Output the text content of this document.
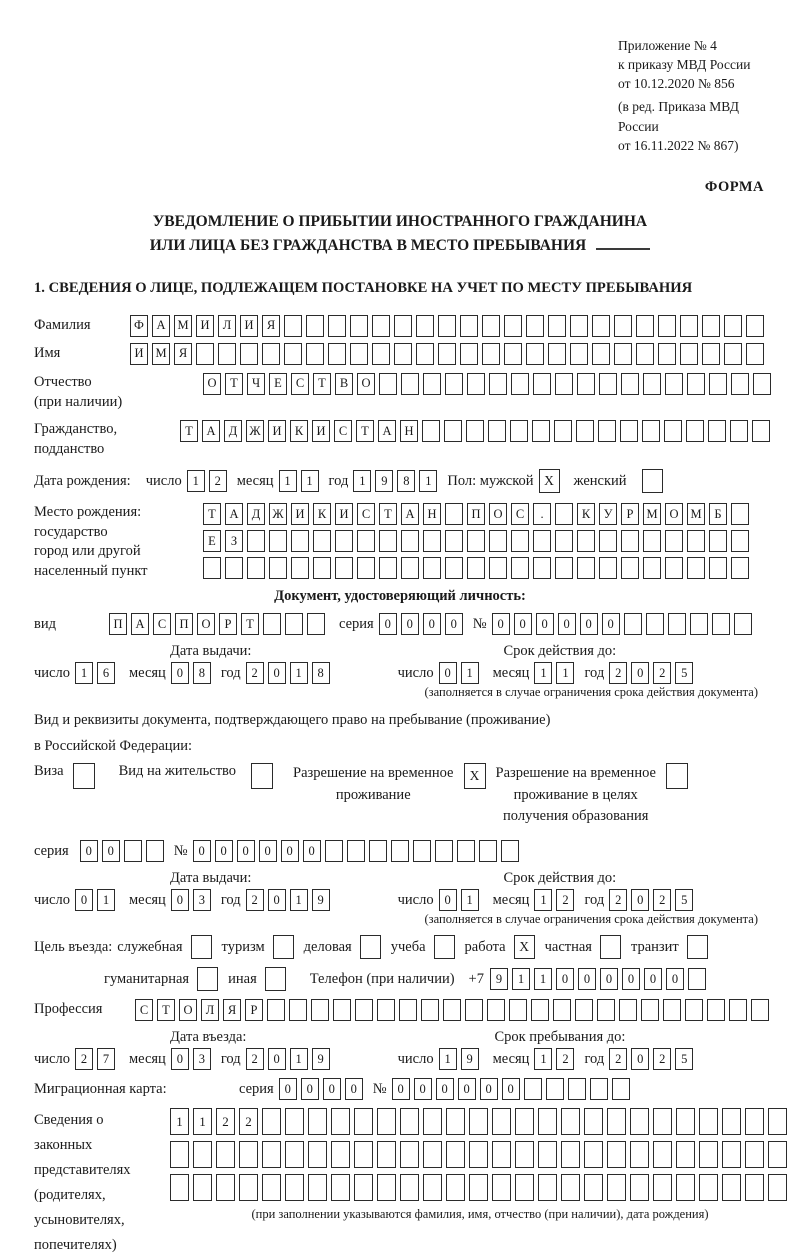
Приложение № 4
к приказу МВД России
от 10.12.2020 № 856
(в ред. Приказа МВД России
от 16.11.2022 № 867)
ФОРМА
УВЕДОМЛЕНИЕ О ПРИБЫТИИ ИНОСТРАННОГО ГРАЖДАНИНА
ИЛИ ЛИЦА БЕЗ ГРАЖДАНСТВА В МЕСТО ПРЕБЫВАНИЯ
1. СВЕДЕНИЯ О ЛИЦЕ, ПОДЛЕЖАЩЕМ ПОСТАНОВКЕ НА УЧЕТ ПО МЕСТУ ПРЕБЫВАНИЯ
Фамилия	Ф	А М И	Л	И	Я
Имя	И М Я
Отчество
(при наличии)
О	Т	Ч	Е	С	Т	В	О
Гражданство,
подданство
Т	А	Д Ж И	К	И	С	Т	А	Н
Дата рождения: число 1	2	месяц 1	1	год 1	9	8	1	Пол: мужской X	женский
Место рождения:
государство
город или другой
населенный пункт
Т	А	Д Ж И	К	И	С	Т	А	Н	П	О	С	.	К	У	Р	М О М	Б
Е	З
Документ, удостоверяющий личность:
вид	П	А	С	П	О	Р	Т	серия 0	0	0	0	№ 0	0	0	0	0	0
Дата выдачи:	Срок действия до:
число 1	6	месяц 0	8	год 2	0	1	8	число 0	1	месяц 1	1	год 2	0	2	5
(заполняется в случае ограничения срока действия документа)
Вид и реквизиты документа, подтверждающего право на пребывание (проживание)
в Российской Федерации:
Виза	Вид на жительство	Разрешение на временное
проживание
X	Разрешение на временное
проживание в целях
получения образования
серия	0	0	№ 0	0	0	0	0	0
Дата выдачи:	Срок действия до:
число 0	1	месяц 0	3	год 2	0	1	9	число 0	1	месяц 1	2	год 2	0	2	5
(заполняется в случае ограничения срока действия документа)
Цель въезда: служебная	туризм	деловая	учеба	работа	X	частная	транзит
гуманитарная	иная	Телефон (при наличии) +7 9	1	1	0	0	0	0	0	0
Профессия	С	Т	О	Л	Я	Р
Дата въезда:	Срок пребывания до:
число 2	7	месяц 0	3	год 2	0	1	9	число 1	9	месяц 1	2	год 2	0	2	5
Миграционная карта:	серия 0	0	0	0	№ 0	0	0	0	0	0
Сведения о
законных
представителях
(родителях,
усыновителях,
попечителях)
1	1	2	2
(при заполнении указываются фамилия, имя, отчество (при наличии), дата рождения)
